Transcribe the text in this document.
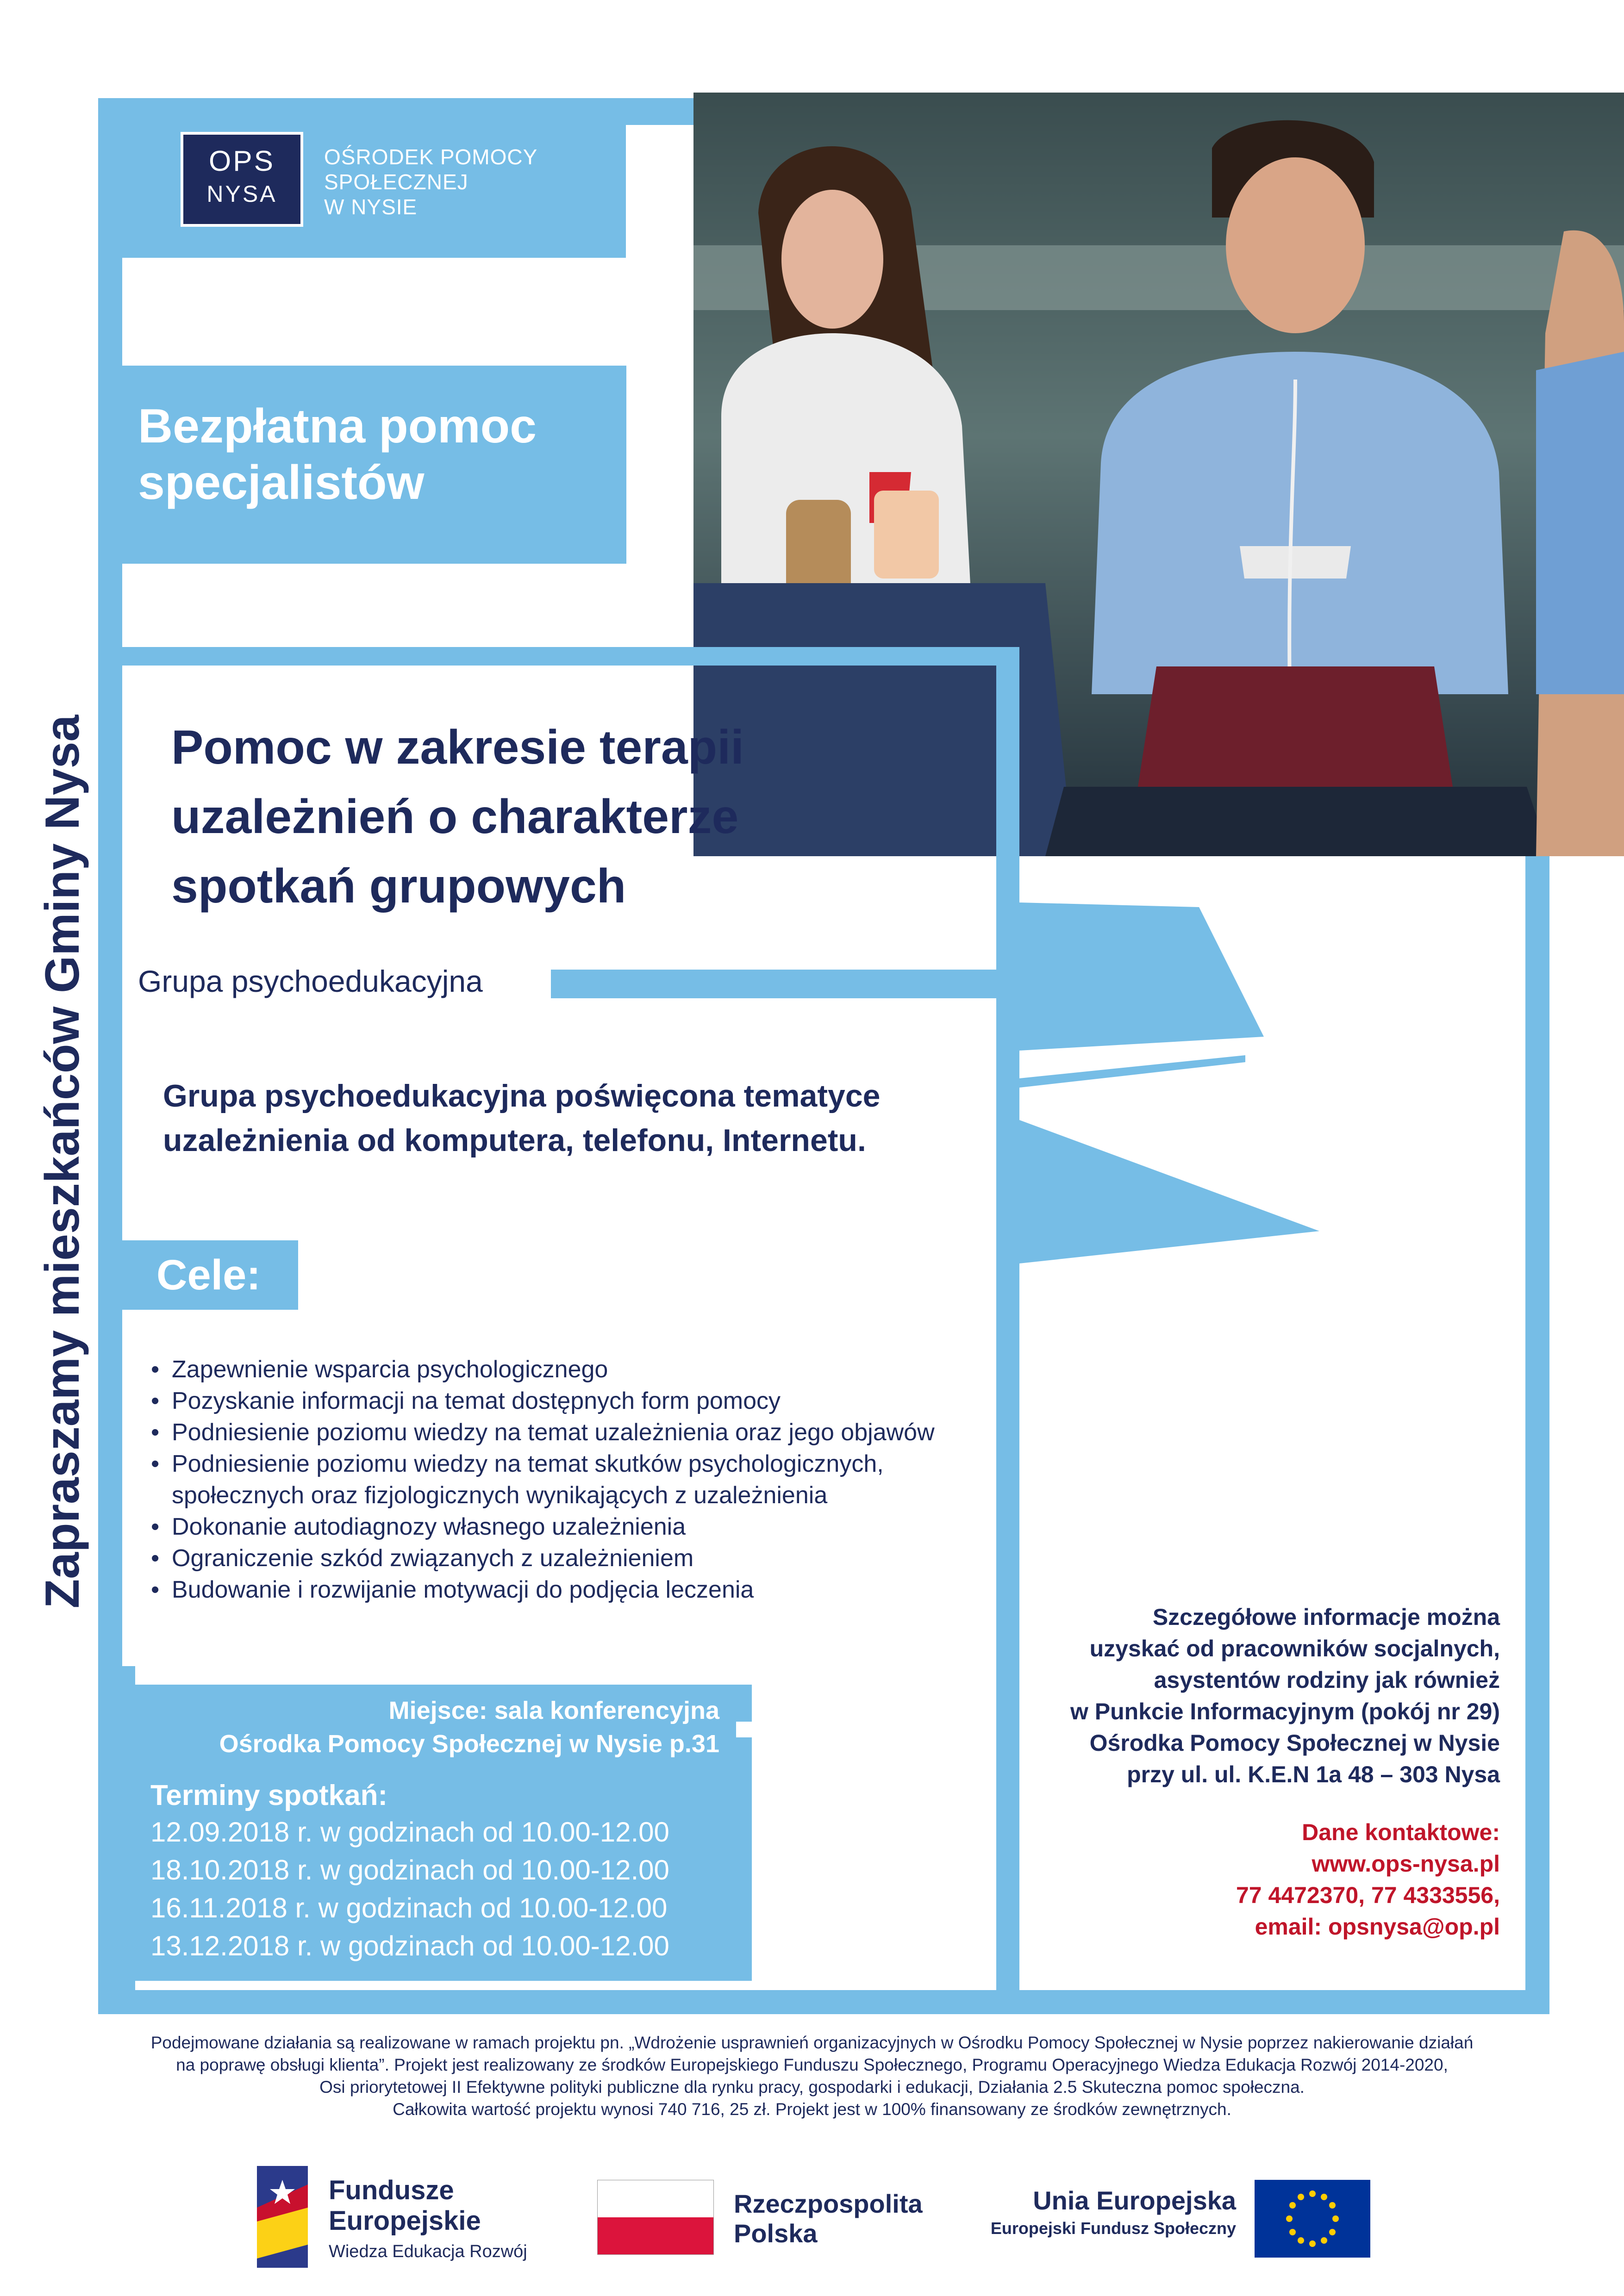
OPS
NYSA
OŚRODEK POMOCY
SPOŁECZNEJ
W NYSIE
Bezpłatna pomoc
specjalistów
Zapraszamy mieszkańców Gminy Nysa	Pomoc w zakresie terapii
uzależnień o charakterze
spotkań grupowych
Grupa psychoedukacyjna
Grupa psychoedukacyjna poświęcona tematyce
uzależnienia od komputera, telefonu, Internetu.
Cele:
• Zapewnienie wsparcia psychologicznego
• Pozyskanie informacji na temat dostępnych form pomocy
• Podniesienie poziomu wiedzy na temat uzależnienia oraz jego objawów
• Podniesienie poziomu wiedzy na temat skutków psychologicznych,
społecznych oraz fizjologicznych wynikających z uzależnienia
• Dokonanie autodiagnozy własnego uzależnienia
• Ograniczenie szkód związanych z uzależnieniem
• Budowanie i rozwijanie motywacji do podjęcia leczenia
Miejsce: sala konferencyjna
Ośrodka Pomocy Społecznej w Nysie p.31
Terminy spotkań:
12.09.2018 r. w godzinach od 10.00-12.00
18.10.2018 r. w godzinach od 10.00-12.00
16.11.2018 r. w godzinach od 10.00-12.00
13.12.2018 r. w godzinach od 10.00-12.00
Szczegółowe informacje można
uzyskać od pracowników socjalnych,
asystentów rodziny jak również
w Punkcie Informacyjnym (pokój nr 29)
Ośrodka Pomocy Społecznej w Nysie
przy ul. ul. K.E.N 1a 48 – 303 Nysa
Dane kontaktowe:
www.ops-nysa.pl
77 4472370, 77 4333556,
email: opsnysa@op.pl
Podejmowane działania są realizowane w ramach projektu pn. „Wdrożenie usprawnień organizacyjnych w Ośrodku Pomocy Społecznej w Nysie poprzez nakierowanie działań
na poprawę obsługi klienta”. Projekt jest realizowany ze środków Europejskiego Funduszu Społecznego, Programu Operacyjnego Wiedza Edukacja Rozwój 2014-2020,
Osi priorytetowej II Efektywne polityki publiczne dla rynku pracy, gospodarki i edukacji, Działania 2.5 Skuteczna pomoc społeczna.
Całkowita wartość projektu wynosi 740 716, 25 zł. Projekt jest w 100% finansowany ze środków zewnętrznych.
Fundusze
Europejskie
Wiedza Edukacja Rozwój
Rzeczpospolita
Polska
Unia Europejska
Europejski Fundusz Społeczny
